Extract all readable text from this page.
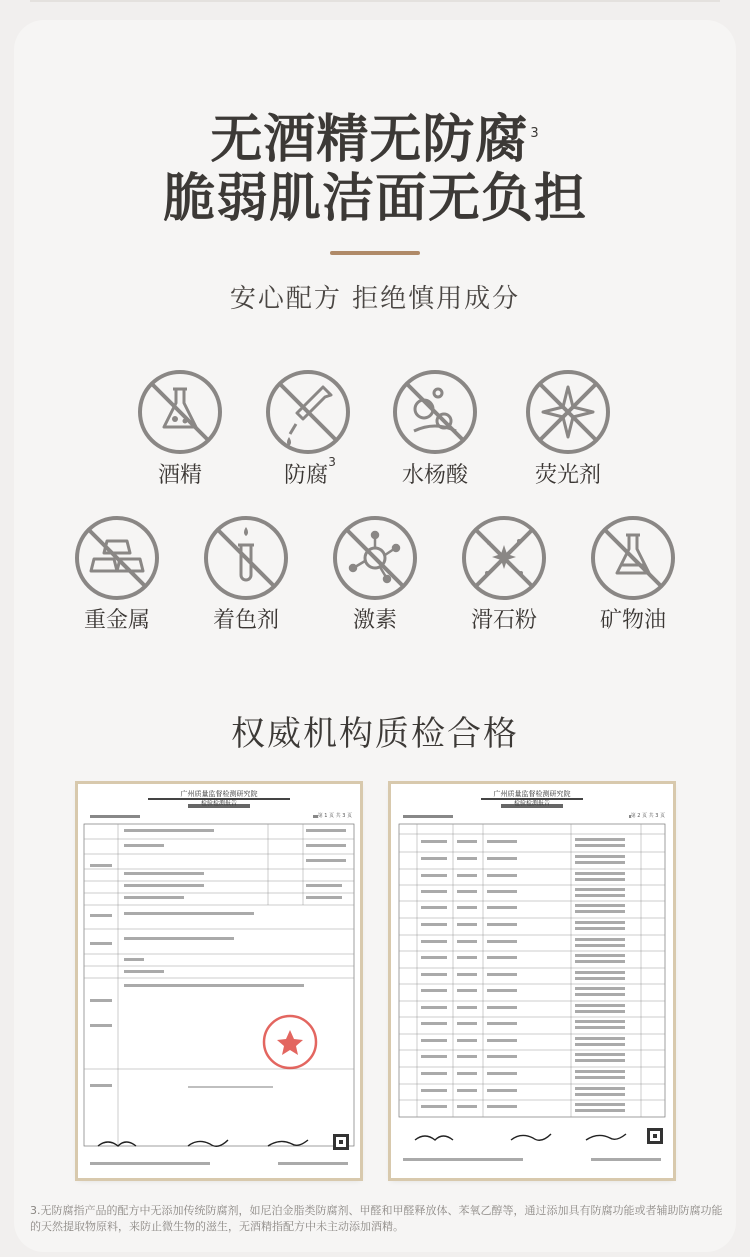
无酒精无防腐 $^3$
脆弱肌洁面无负担
安心配方 拒绝慎用成分
酒精	防腐$^3$
水杨酸	荧光剂
重金属	着色剂	激素	滑石粉	矿物油
权威机构质检合格
广州质量监督检测研究院
检验检测报告
第 1 页 共 3 页
广州质量监督检测研究院
检验检测报告
第 2 页 共 3 页
3.无防腐指产品的配方中无添加传统防腐剂，如尼泊金脂类防腐剂、甲醛和甲醛释放体、苯氧乙醇等，通过添加具有防腐功能或者辅助防腐功能的天然提取物原料，来防止微生物的滋生，无酒精指配方中未主动添加酒精。
